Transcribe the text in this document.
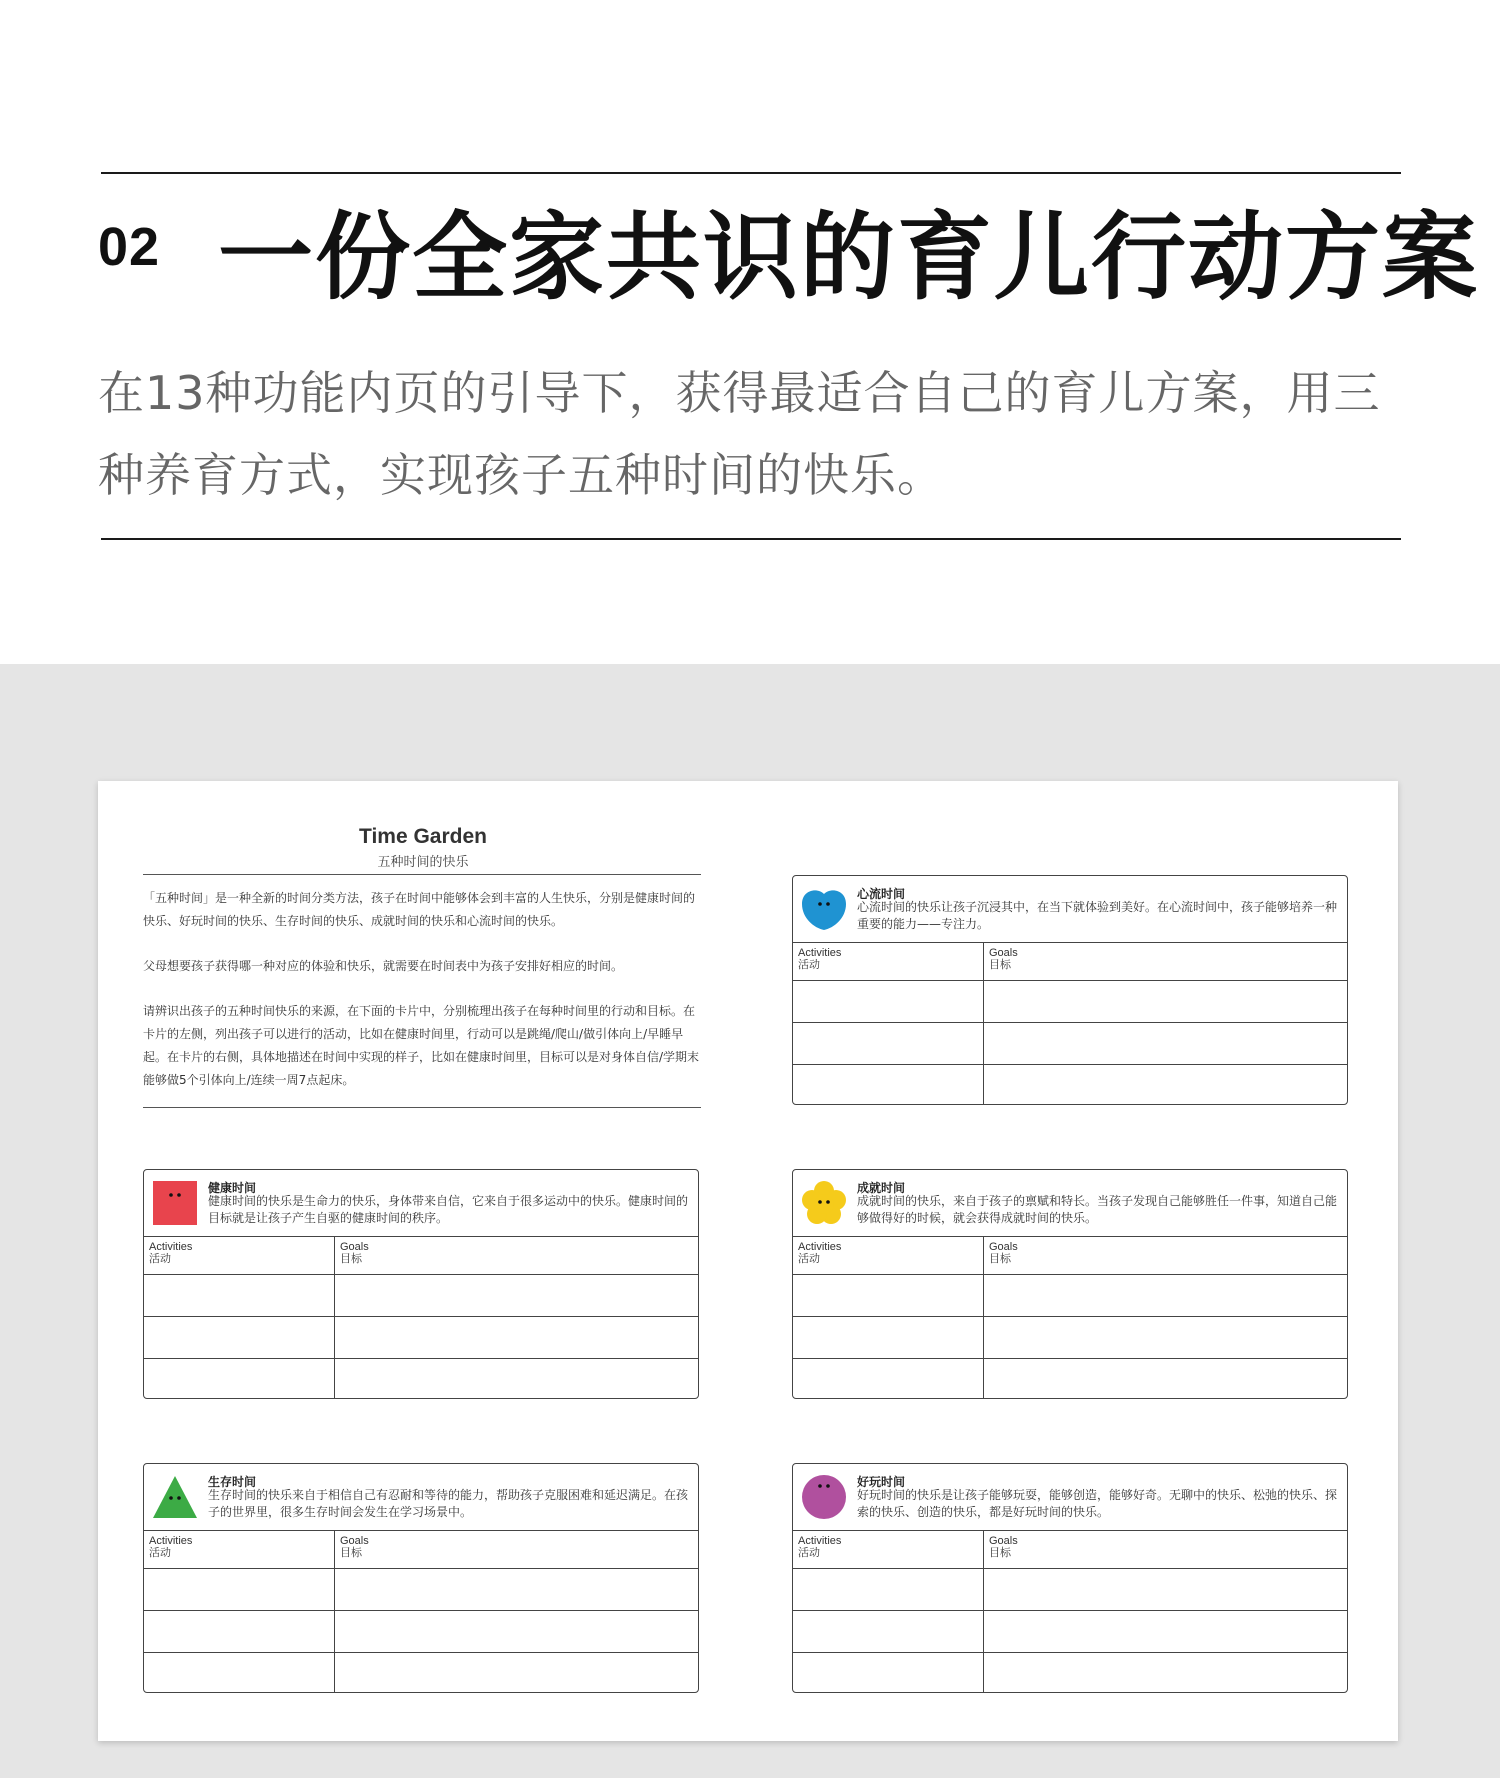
02 一份全家共识的育儿行动方案
在13种功能内页的引导下，获得最适合自己的育儿方案，用三种养育方式，实现孩子五种时间的快乐。
Time Garden
五种时间的快乐

「五种时间」是一种全新的时间分类方法，孩子在时间中能够体会到丰富的人生快乐，分别是健康时间的快乐、好玩时间的快乐、生存时间的快乐、成就时间的快乐和心流时间的快乐。

父母想要孩子获得哪一种对应的体验和快乐，就需要在时间表中为孩子安排好相应的时间。

请辨识出孩子的五种时间快乐的来源，在下面的卡片中，分别梳理出孩子在每种时间里的行动和目标。在卡片的左侧，列出孩子可以进行的活动，比如在健康时间里，行动可以是跳绳/爬山/做引体向上/早睡早起。在卡片的右侧，具体地描述在时间中实现的样子，比如在健康时间里，目标可以是对身体自信/学期末能够做5个引体向上/连续一周7点起床。

心流时间
心流时间的快乐让孩子沉浸其中，在当下就体验到美好。在心流时间中，孩子能够培养一种重要的能力——专注力。
Activities
活动
Goals
目标
健康时间
健康时间的快乐是生命力的快乐，身体带来自信，它来自于很多运动中的快乐。健康时间的目标就是让孩子产生自驱的健康时间的秩序。
Activities
活动
Goals
目标
成就时间
成就时间的快乐，来自于孩子的禀赋和特长。当孩子发现自己能够胜任一件事，知道自己能够做得好的时候，就会获得成就时间的快乐。
Activities
活动
Goals
目标
生存时间
生存时间的快乐来自于相信自己有忍耐和等待的能力，帮助孩子克服困难和延迟满足。在孩子的世界里，很多生存时间会发生在学习场景中。
Activities
活动
Goals
目标
好玩时间
好玩时间的快乐是让孩子能够玩耍，能够创造，能够好奇。无聊中的快乐、松弛的快乐、探索的快乐、创造的快乐，都是好玩时间的快乐。
Activities
活动
Goals
目标
